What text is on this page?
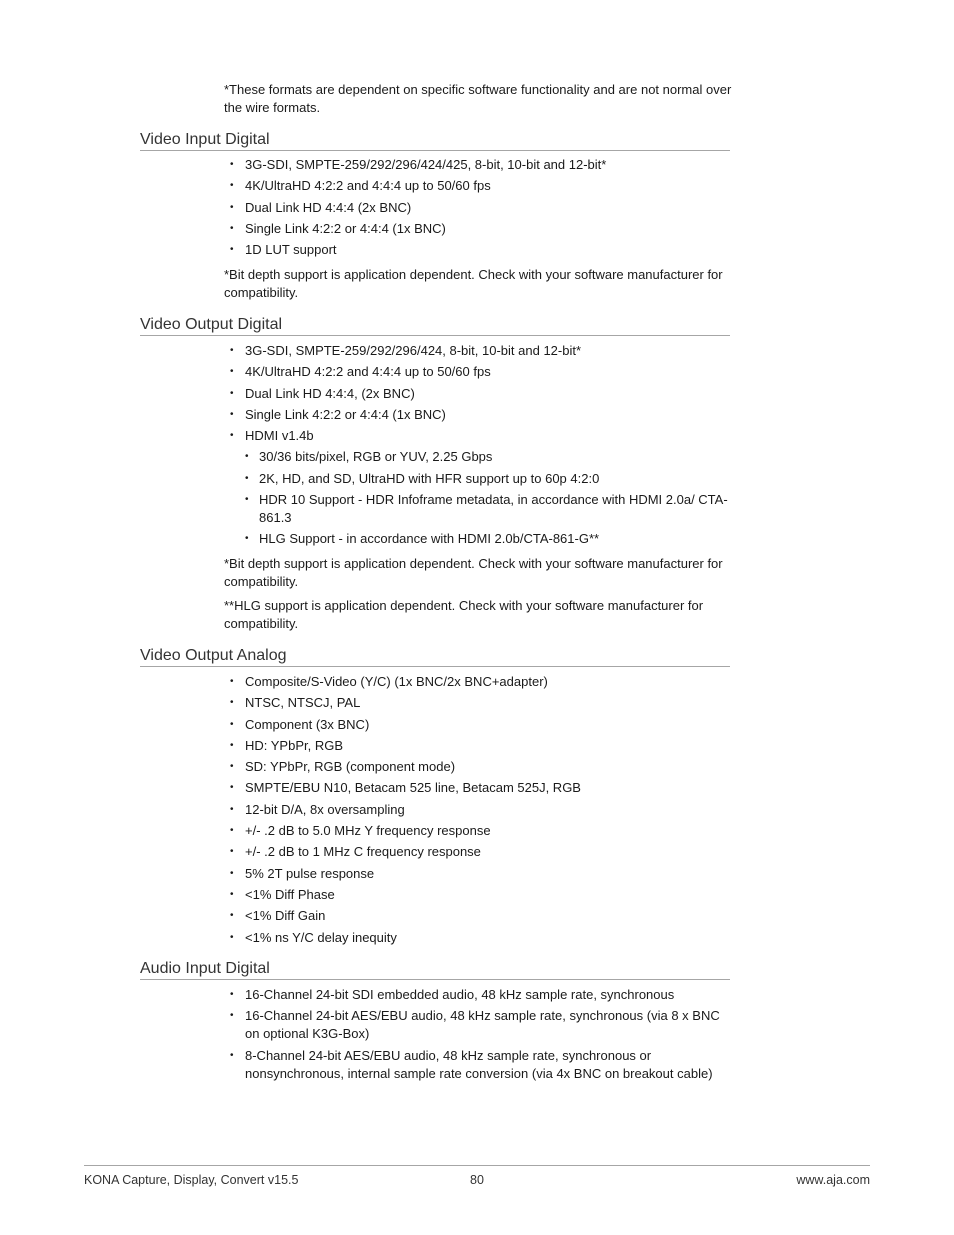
*These formats are dependent on specific software functionality and are not normal over the wire formats.

Video Input Digital
• 3G-SDI, SMPTE-259/292/296/424/425, 8-bit, 10-bit and 12-bit*
• 4K/UltraHD 4:2:2 and 4:4:4 up to 50/60 fps
• Dual Link HD 4:4:4 (2x BNC)
• Single Link 4:2:2 or 4:4:4 (1x BNC)
• 1D LUT support

*Bit depth support is application dependent. Check with your software manufacturer for compatibility.

Video Output Digital
• 3G-SDI, SMPTE-259/292/296/424, 8-bit, 10-bit and 12-bit*
• 4K/UltraHD 4:2:2 and 4:4:4 up to 50/60 fps
• Dual Link HD 4:4:4, (2x BNC)
• Single Link 4:2:2 or 4:4:4 (1x BNC)
• HDMI v1.4b
• 30/36 bits/pixel, RGB or YUV, 2.25 Gbps
• 2K, HD, and SD, UltraHD with HFR support up to 60p 4:2:0
• HDR 10 Support - HDR Infoframe metadata, in accordance with HDMI 2.0a/ CTA-861.3
• HLG Support - in accordance with HDMI 2.0b/CTA-861-G**

*Bit depth support is application dependent. Check with your software manufacturer for compatibility.

**HLG support is application dependent. Check with your software manufacturer for compatibility.

Video Output Analog
• Composite/S-Video (Y/C) (1x BNC/2x BNC+adapter)
• NTSC, NTSCJ, PAL
• Component (3x BNC)
• HD: YPbPr, RGB
• SD: YPbPr, RGB (component mode)
• SMPTE/EBU N10, Betacam 525 line, Betacam 525J, RGB
• 12-bit D/A, 8x oversampling
• +/- .2 dB to 5.0 MHz Y frequency response
• +/- .2 dB to 1 MHz C frequency response
• 5% 2T pulse response
• <1% Diff Phase
• <1% Diff Gain
• <1% ns Y/C delay inequity
Audio Input Digital
• 16-Channel 24-bit SDI embedded audio, 48 kHz sample rate, synchronous
• 16-Channel 24-bit AES/EBU audio, 48 kHz sample rate, synchronous (via 8 x BNC on optional K3G-Box)
• 8-Channel 24-bit AES/EBU audio, 48 kHz sample rate, synchronous or nonsynchronous, internal sample rate conversion (via 4x BNC on breakout cable)
KONA Capture, Display, Convert v15.5	80	www.aja.com
